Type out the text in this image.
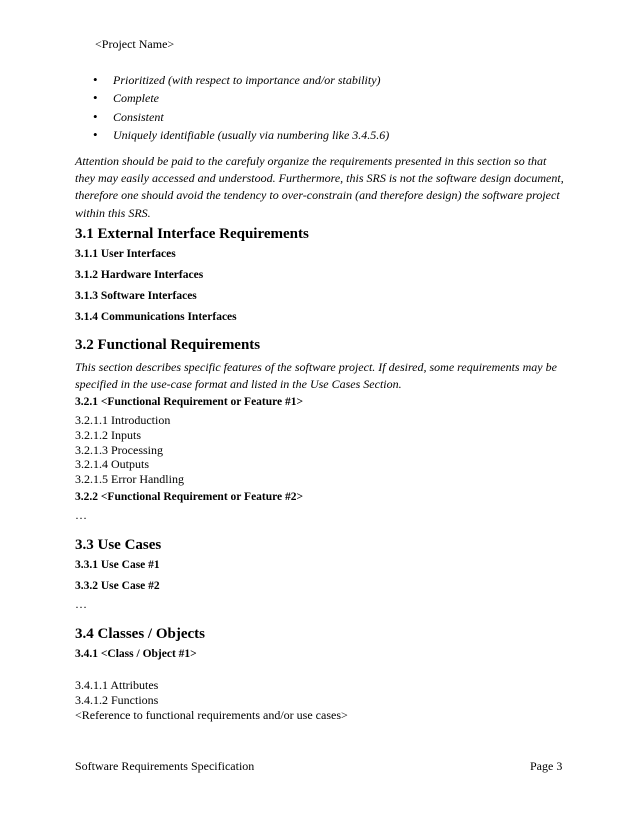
<Project Name>
• Prioritized (with respect to importance and/or stability)
• Complete
• Consistent
• Uniquely identifiable (usually via numbering like 3.4.5.6)
Attention should be paid to the carefuly organize the requirements presented in this section so that they may easily accessed and understood. Furthermore, this SRS is not the software design document, therefore one should avoid the tendency to over-constrain (and therefore design) the software project within this SRS.
3.1 External Interface Requirements
3.1.1 User Interfaces
3.1.2 Hardware Interfaces
3.1.3 Software Interfaces
3.1.4 Communications Interfaces
3.2 Functional Requirements
This section describes specific features of the software project. If desired, some requirements may be specified in the use-case format and listed in the Use Cases Section.
3.2.1 <Functional Requirement or Feature #1>
3.2.1.1 Introduction
3.2.1.2 Inputs
3.2.1.3 Processing
3.2.1.4 Outputs
3.2.1.5 Error Handling
3.2.2 <Functional Requirement or Feature #2>
…
3.3 Use Cases
3.3.1 Use Case #1
3.3.2 Use Case #2
…
3.4 Classes / Objects
3.4.1 <Class / Object #1>
3.4.1.1 Attributes
3.4.1.2 Functions
<Reference to functional requirements and/or use cases>
Software Requirements Specification	Page 3
